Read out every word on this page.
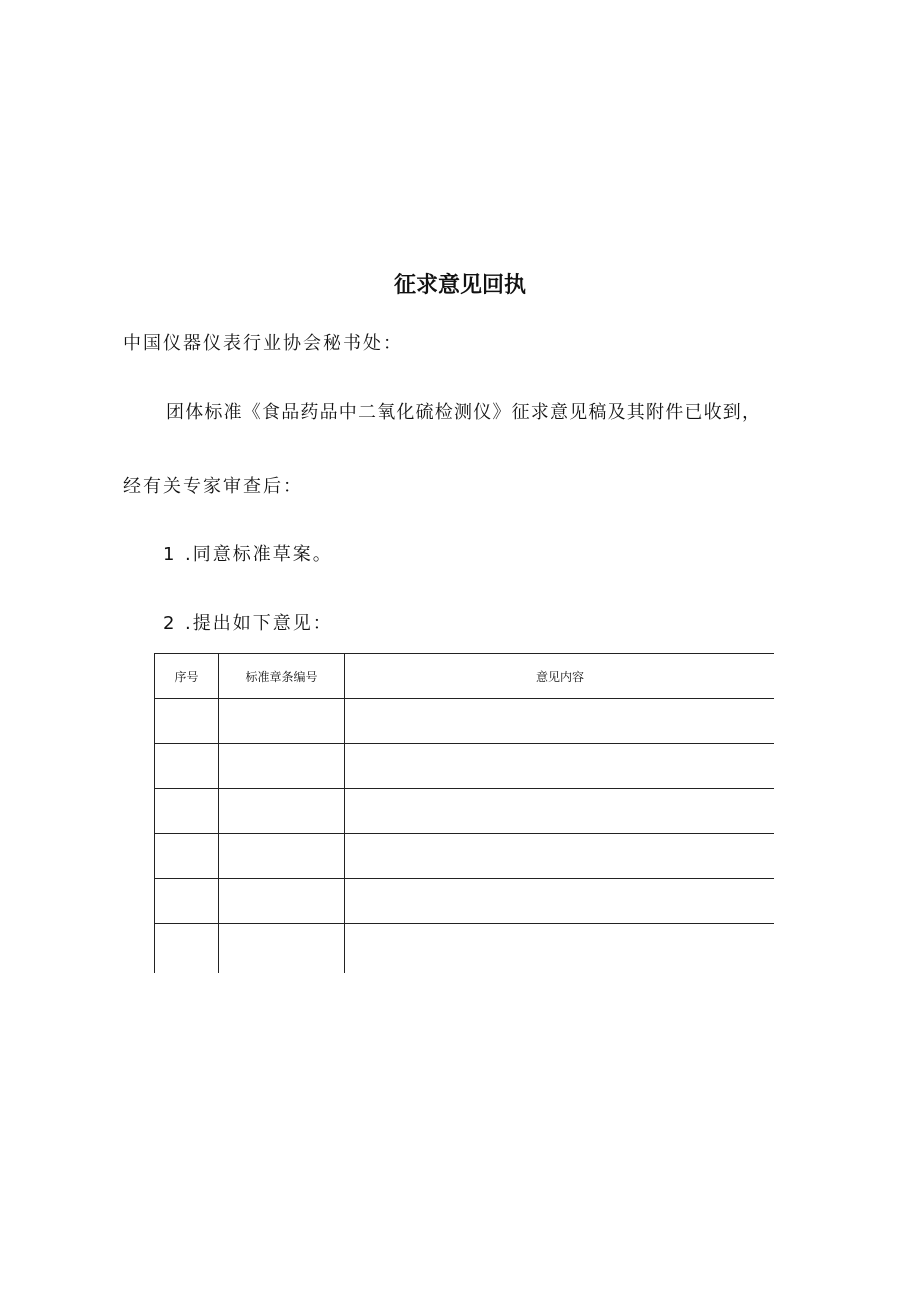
征求意见回执
中国仪器仪表行业协会秘书处：
团体标准《食品药品中二氧化硫检测仪》征求意见稿及其附件已收到，
经有关专家审查后：
1 .同意标准草案。
2 .提出如下意见：
序号	标准章条编号	意见内容
